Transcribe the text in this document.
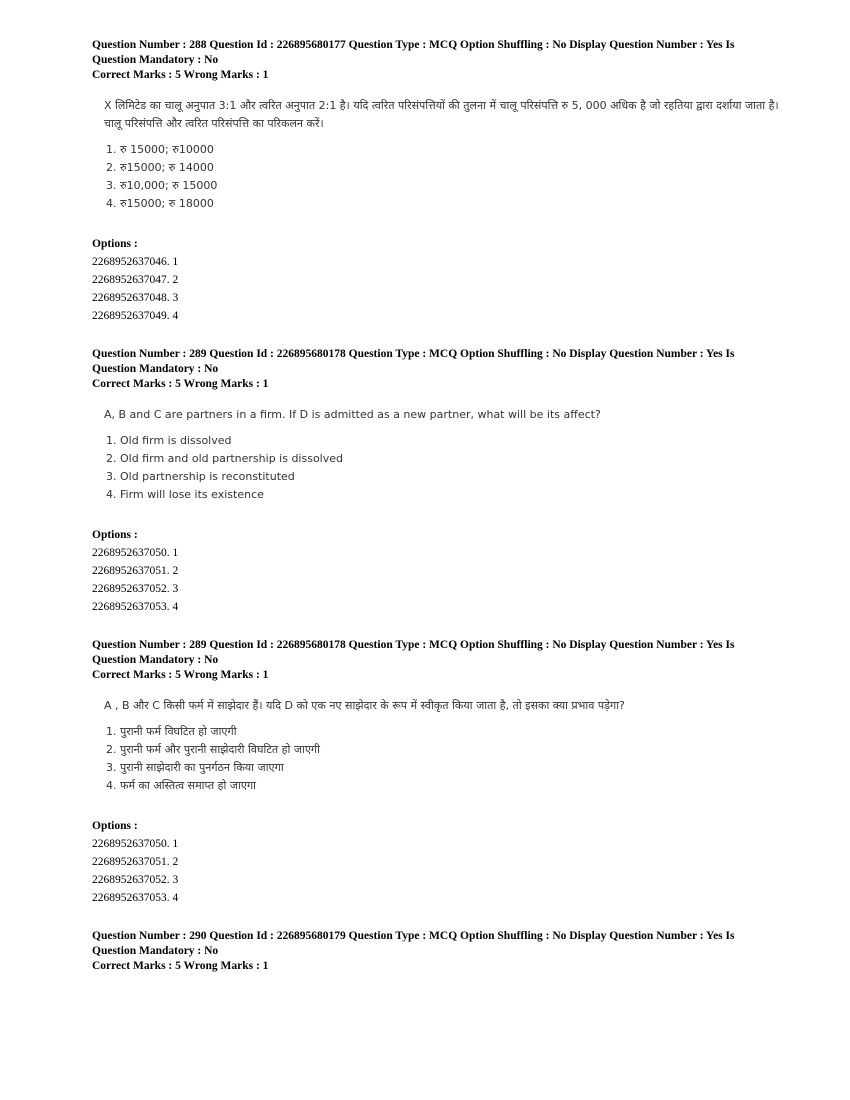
Question Number : 288 Question Id : 226895680177 Question Type : MCQ Option Shuffling : No Display Question Number : Yes Is
Question Mandatory : No
Correct Marks : 5 Wrong Marks : 1
X लिमिटेड का चालू अनुपात 3:1 और त्वरित अनुपात 2:1 है। यदि त्वरित परिसंपत्तियों की तुलना में चालू परिसंपत्ति रु 5, 000 अधिक है जो रहतिया द्वारा दर्शाया जाता है। चालू परिसंपत्ति और त्वरित परिसंपत्ति का परिकलन करें।
1. रु 15000; रु10000
2. रु15000; रु 14000
3. रु10,000; रु 15000
4. रु15000; रु 18000
Options :
2268952637046. 1
2268952637047. 2
2268952637048. 3
2268952637049. 4
Question Number : 289 Question Id : 226895680178 Question Type : MCQ Option Shuffling : No Display Question Number : Yes Is
Question Mandatory : No
Correct Marks : 5 Wrong Marks : 1
A, B and C are partners in a firm. If D is admitted as a new partner, what will be its affect?
1. Old firm is dissolved
2. Old firm and old partnership is dissolved
3. Old partnership is reconstituted
4. Firm will lose its existence
Options :
2268952637050. 1
2268952637051. 2
2268952637052. 3
2268952637053. 4
Question Number : 289 Question Id : 226895680178 Question Type : MCQ Option Shuffling : No Display Question Number : Yes Is
Question Mandatory : No
Correct Marks : 5 Wrong Marks : 1
A , B और C किसी फर्म में साझेदार हैं। यदि D को एक नए साझेदार के रूप में स्वीकृत किया जाता है, तो इसका क्या प्रभाव पड़ेगा?
1. पुरानी फर्म विघटित हो जाएगी
2. पुरानी फर्म और पुरानी साझेदारी विघटित हो जाएगी
3. पुरानी साझेदारी का पुनर्गठन किया जाएगा
4. फर्म का अस्तित्व समाप्त हो जाएगा
Options :
2268952637050. 1
2268952637051. 2
2268952637052. 3
2268952637053. 4
Question Number : 290 Question Id : 226895680179 Question Type : MCQ Option Shuffling : No Display Question Number : Yes Is
Question Mandatory : No
Correct Marks : 5 Wrong Marks : 1
